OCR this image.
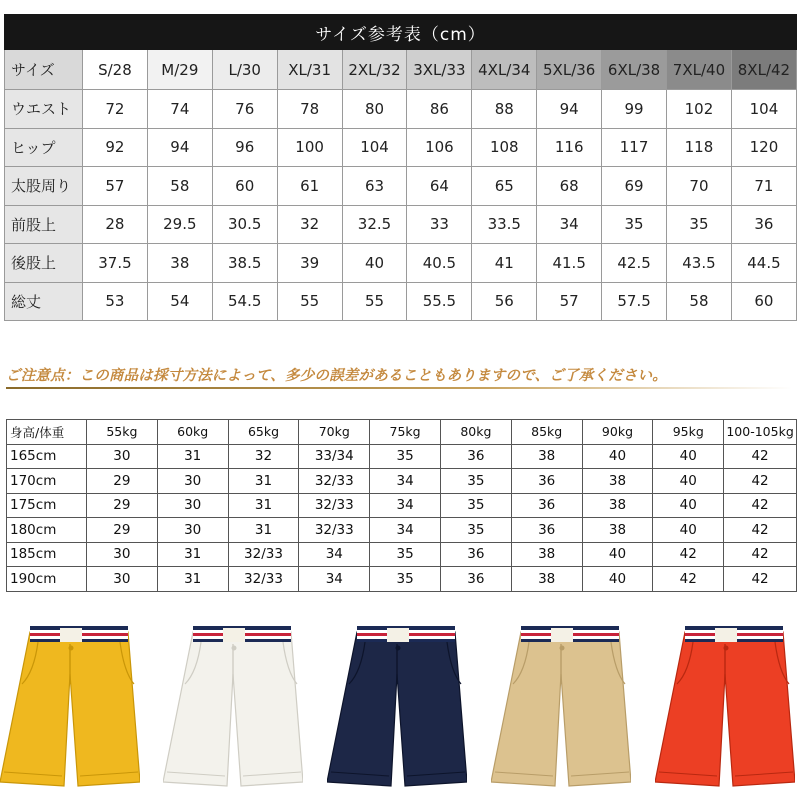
サイズ参考表（cm）											
サイズ	S/28	M/29	L/30	XL/31	2XL/32	3XL/33	4XL/34	5XL/36	6XL/38	7XL/40	8XL/42
ウエスト	72	74	76	78	80	86	88	94	99	102	104
ヒップ	92	94	96	100	104	106	108	116	117	118	120
太股周り	57	58	60	61	63	64	65	68	69	70	71
前股上	28	29.5	30.5	32	32.5	33	33.5	34	35	35	36
後股上	37.5	38	38.5	39	40	40.5	41	41.5	42.5	43.5	44.5
総丈	53	54	54.5	55	55	55.5	56	57	57.5	58	60
ご注意点：この商品は採寸方法によって、多少の誤差があることもありますので、ご了承ください。
身高/体重	55kg	60kg	65kg	70kg	75kg	80kg	85kg	90kg	95kg	100-105kg
165cm	30	31	32	33/34	35	36	38	40	40	42
170cm	29	30	31	32/33	34	35	36	38	40	42
175cm	29	30	31	32/33	34	35	36	38	40	42
180cm	29	30	31	32/33	34	35	36	38	40	42
185cm	30	31	32/33	34	35	36	38	40	42	42
190cm	30	31	32/33	34	35	36	38	40	42	42
